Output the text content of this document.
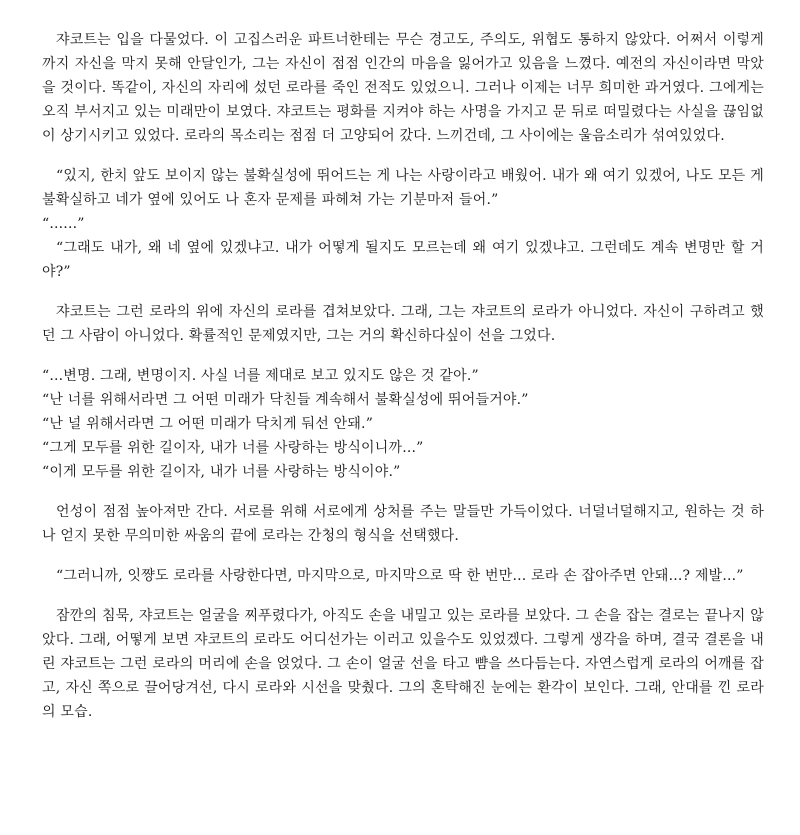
쟈코트는 입을 다물었다. 이 고집스러운 파트너한테는 무슨 경고도, 주의도, 위협도 통하지 않았다. 어쩌서 이렇게까지 자신을 막지 못해 안달인가, 그는 자신이 점점 인간의 마음을 잃어가고 있음을 느꼈다. 예전의 자신이라면 막았을 것이다. 똑같이, 자신의 자리에 섰던 로라를 죽인 전적도 있었으니. 그러나 이제는 너무 희미한 과거였다. 그에게는 오직 부서지고 있는 미래만이 보였다. 쟈코트는 평화를 지켜야 하는 사명을 가지고 문 뒤로 떠밀렸다는 사실을 끊임없이 상기시키고 있었다. 로라의 목소리는 점점 더 고양되어 갔다. 느끼건데, 그 사이에는 울음소리가 섞여있었다.

“있지, 한치 앞도 보이지 않는 불확실성에 뛰어드는 게 나는 사랑이라고 배웠어. 내가 왜 여기 있겠어, 나도 모든 게 불확실하고 네가 옆에 있어도 나 혼자 문제를 파헤쳐 가는 기분마저 들어.”

“......”

“그래도 내가, 왜 네 옆에 있겠냐고. 내가 어떻게 될지도 모르는데 왜 여기 있겠냐고. 그런데도 계속 변명만 할 거야?”

쟈코트는 그런 로라의 위에 자신의 로라를 겹쳐보았다. 그래, 그는 쟈코트의 로라가 아니었다. 자신이 구하려고 했던 그 사람이 아니었다. 확률적인 문제였지만, 그는 거의 확신하다싶이 선을 그었다.

“...변명. 그래, 변명이지. 사실 너를 제대로 보고 있지도 않은 것 같아.”
“난 너를 위해서라면 그 어떤 미래가 닥친들 계속해서 불확실성에 뛰어들거야.”
“난 널 위해서라면 그 어떤 미래가 닥치게 둬선 안돼.”
“그게 모두를 위한 길이자, 내가 너를 사랑하는 방식이니까...”
“이게 모두를 위한 길이자, 내가 너를 사랑하는 방식이야.”

언성이 점점 높아져만 간다. 서로를 위해 서로에게 상처를 주는 말들만 가득이었다. 너덜너덜해지고, 원하는 것 하나 얻지 못한 무의미한 싸움의 끝에 로라는 간청의 형식을 선택했다.

“그러니까, 잇쨩도 로라를 사랑한다면, 마지막으로, 마지막으로 딱 한 번만... 로라 손 잡아주면 안돼...? 제발...”

잠깐의 침묵, 쟈코트는 얼굴을 찌푸렸다가, 아직도 손을 내밀고 있는 로라를 보았다. 그 손을 잡는 결로는 끝나지 않았다. 그래, 어떻게 보면 쟈코트의 로라도 어디선가는 이러고 있을수도 있었겠다. 그렇게 생각을 하며, 결국 결론을 내린 쟈코트는 그런 로라의 머리에 손을 얹었다. 그 손이 얼굴 선을 타고 뺨을 쓰다듬는다. 자연스럽게 로라의 어깨를 잡고, 자신 쪽으로 끌어당겨선, 다시 로라와 시선을 맞췄다. 그의 혼탁해진 눈에는 환각이 보인다. 그래, 안대를 낀 로라의 모습.
